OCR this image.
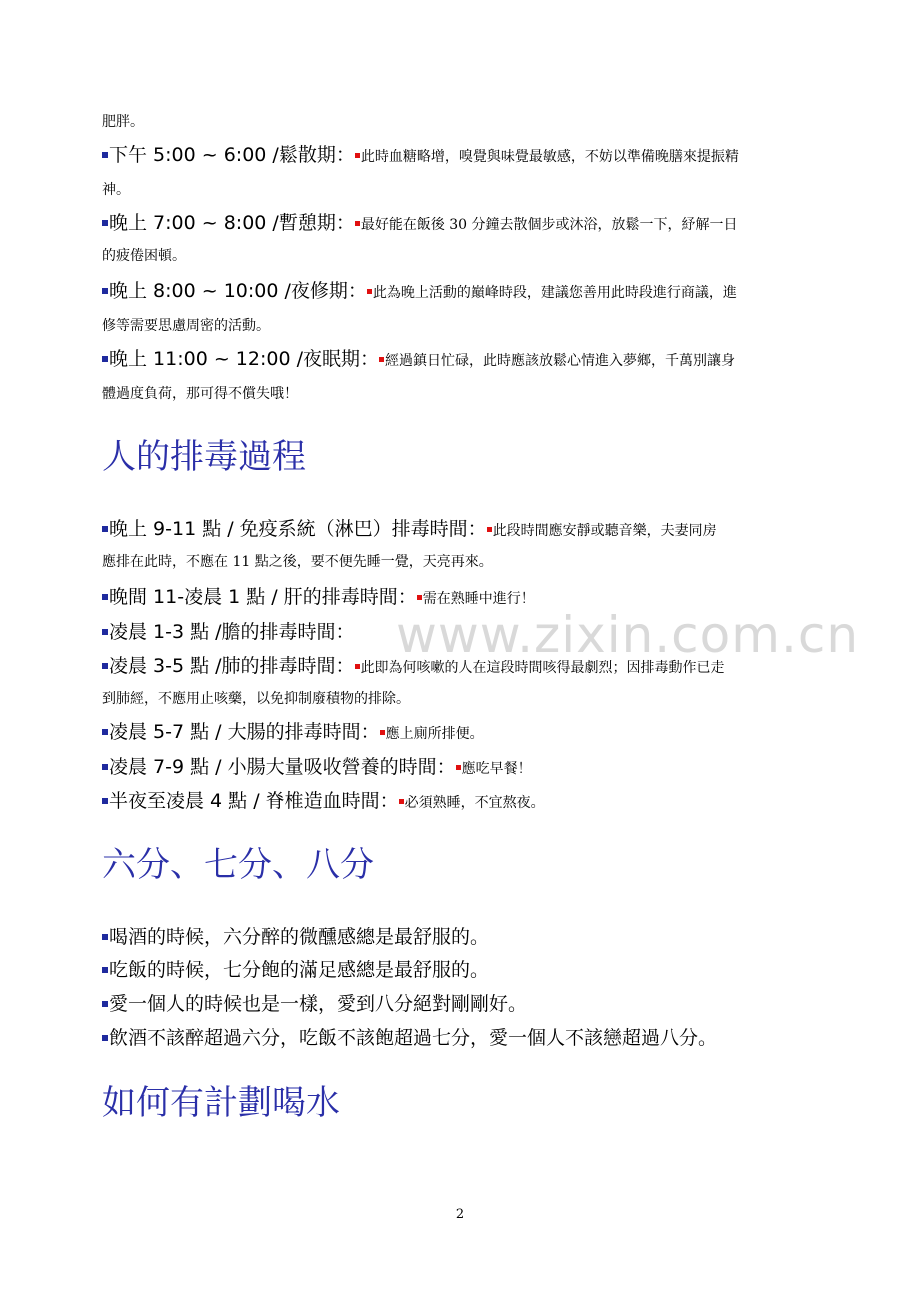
肥胖。
下午 5:00 ~ 6:00 /鬆散期： 此時血糖略增，嗅覺與味覺最敏感，不妨以準備晚膳來提振精
神。
晚上 7:00 ~ 8:00 /暫憩期： 最好能在飯後 30 分鐘去散個步或沐浴，放鬆一下，紓解一日
的疲倦困頓。
晚上 8:00 ~ 10:00 /夜修期： 此為晚上活動的巔峰時段，建議您善用此時段進行商議，進
修等需要思慮周密的活動。
晚上 11:00 ~ 12:00 /夜眠期： 經過鎮日忙碌，此時應該放鬆心情進入夢鄉，千萬別讓身
體過度負荷，那可得不償失哦！
人的排毒過程
晚上 9-11 點 / 免疫系統（淋巴）排毒時間： 此段時間應安靜或聽音樂，夫妻同房
應排在此時，不應在 11 點之後，要不便先睡一覺，天亮再來。
晚間 11-凌晨 1 點 / 肝的排毒時間： 需在熟睡中進行！
凌晨 1-3 點 /膽的排毒時間：
凌晨 3-5 點 /肺的排毒時間： 此即為何咳嗽的人在這段時間咳得最劇烈；因排毒動作已走
到肺經，不應用止咳藥，以免抑制廢積物的排除。
凌晨 5-7 點 / 大腸的排毒時間： 應上廁所排便。
凌晨 7-9 點 / 小腸大量吸收營養的時間： 應吃早餐！
半夜至凌晨 4 點 / 脊椎造血時間： 必須熟睡，不宜熬夜。
六分、七分、八分
喝酒的時候，六分醉的微醺感總是最舒服的。
吃飯的時候，七分飽的滿足感總是最舒服的。
愛一個人的時候也是一樣，愛到八分絕對剛剛好。
飲酒不該醉超過六分，吃飯不該飽超過七分，愛一個人不該戀超過八分。
如何有計劃喝水
www.zixin.com.cn
2
